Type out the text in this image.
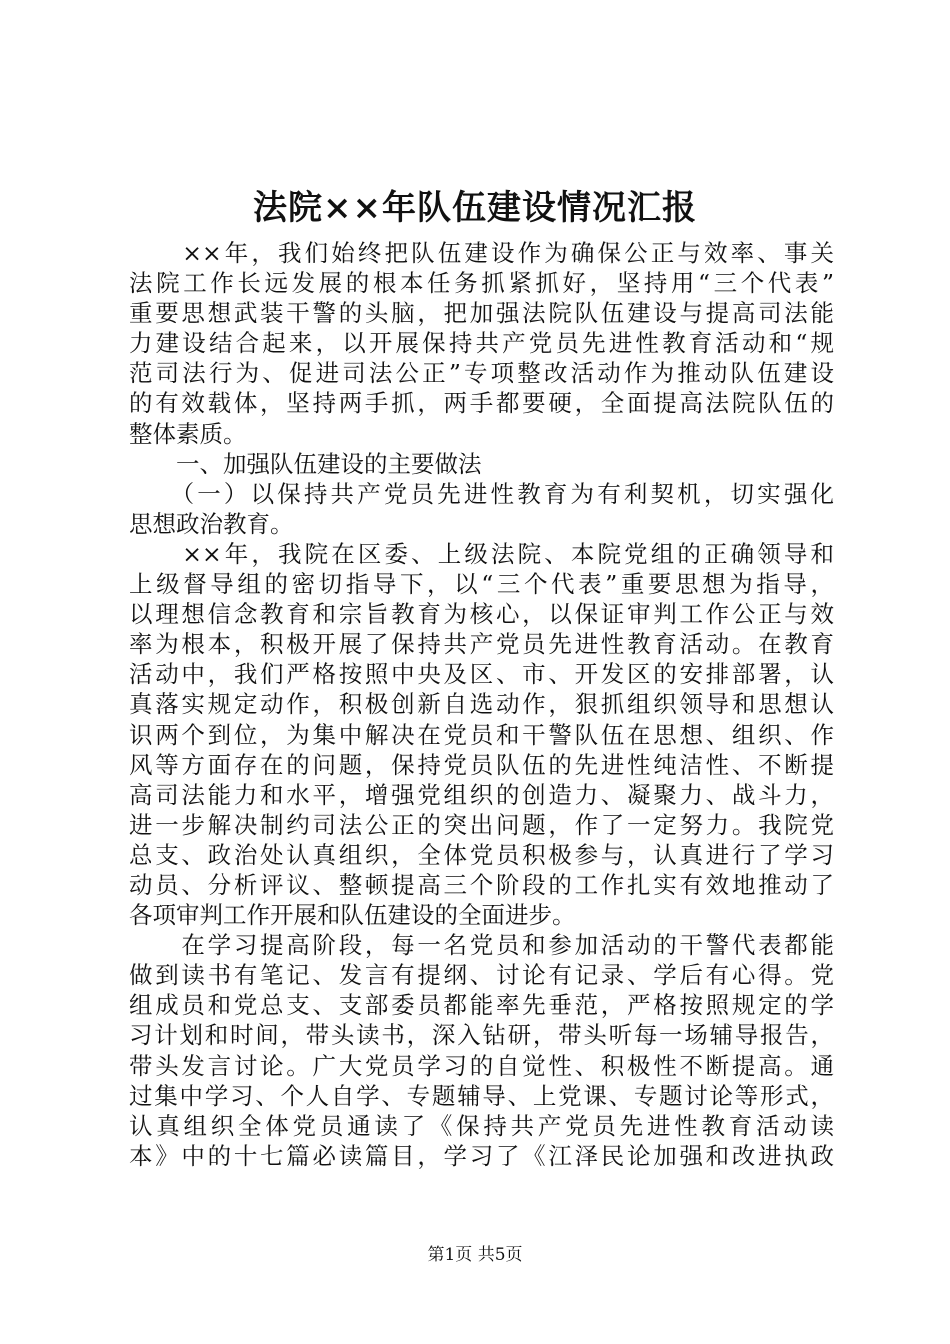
法院××年队伍建设情况汇报
　　××年，我们始终把队伍建设作为确保公正与效率、事关
法院工作长远发展的根本任务抓紧抓好，坚持用“三个代表”
重要思想武装干警的头脑，把加强法院队伍建设与提高司法能
力建设结合起来，以开展保持共产党员先进性教育活动和“规
范司法行为、促进司法公正”专项整改活动作为推动队伍建设
的有效载体，坚持两手抓，两手都要硬，全面提高法院队伍的
整体素质。
　　一、加强队伍建设的主要做法
　　（一）以保持共产党员先进性教育为有利契机，切实强化
思想政治教育。
　　××年，我院在区委、上级法院、本院党组的正确领导和
上级督导组的密切指导下，以“三个代表”重要思想为指导，
以理想信念教育和宗旨教育为核心，以保证审判工作公正与效
率为根本，积极开展了保持共产党员先进性教育活动。在教育
活动中，我们严格按照中央及区、市、开发区的安排部署，认
真落实规定动作，积极创新自选动作，狠抓组织领导和思想认
识两个到位，为集中解决在党员和干警队伍在思想、组织、作
风等方面存在的问题，保持党员队伍的先进性纯洁性、不断提
高司法能力和水平，增强党组织的创造力、凝聚力、战斗力，
进一步解决制约司法公正的突出问题，作了一定努力。我院党
总支、政治处认真组织，全体党员积极参与，认真进行了学习
动员、分析评议、整顿提高三个阶段的工作扎实有效地推动了
各项审判工作开展和队伍建设的全面进步。
　　在学习提高阶段，每一名党员和参加活动的干警代表都能
做到读书有笔记、发言有提纲、讨论有记录、学后有心得。党
组成员和党总支、支部委员都能率先垂范，严格按照规定的学
习计划和时间，带头读书，深入钻研，带头听每一场辅导报告，
带头发言讨论。广大党员学习的自觉性、积极性不断提高。通
过集中学习、个人自学、专题辅导、上党课、专题讨论等形式，
认真组织全体党员通读了《保持共产党员先进性教育活动读
本》中的十七篇必读篇目，学习了《江泽民论加强和改进执政
第1页 共5页
